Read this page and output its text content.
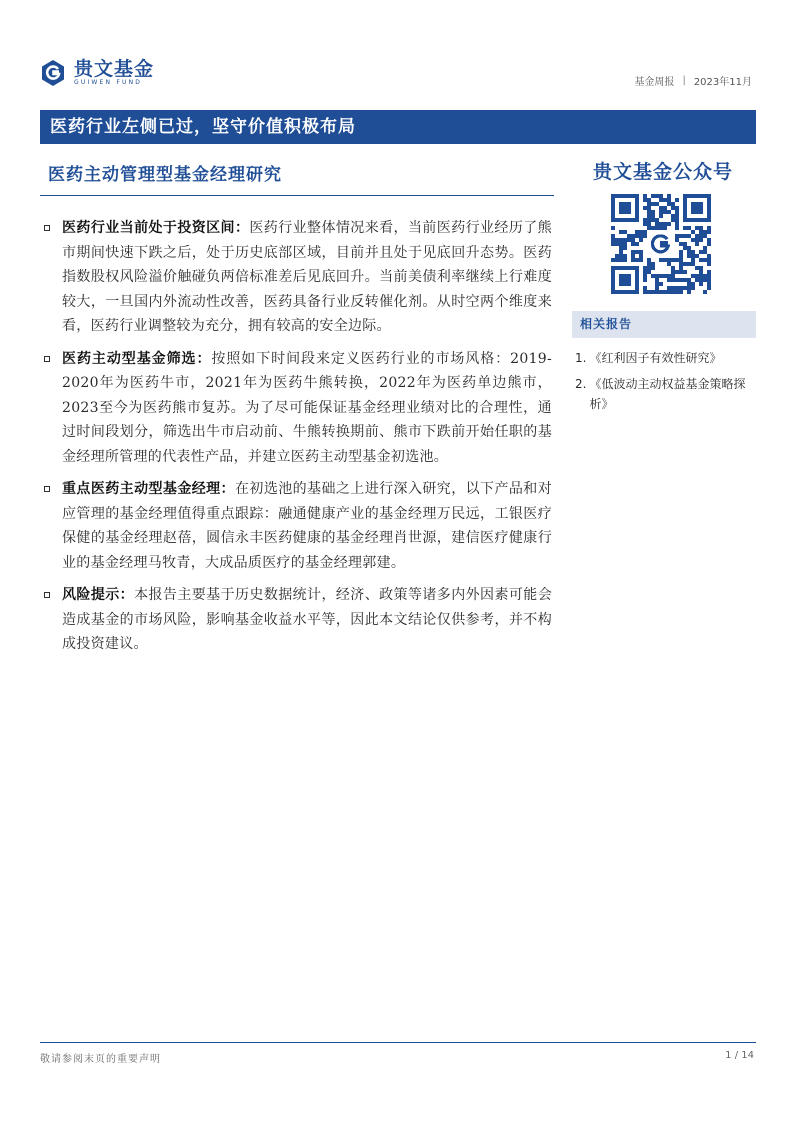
贵文基金
GUIWEN FUND	基金周报 | 2023年11月
医药行业左侧已过，坚守价值积极布局
医药主动管理型基金经理研究	贵文基金公众号
相关报告
1. 《红利因子有效性研究》
2. 《低波动主动权益基金策略探析》
医药行业当前处于投资区间：医药行业整体情况来看，当前医药行业经历了熊市期间快速下跌之后，处于历史底部区域，目前并且处于见底回升态势。医药指数股权风险溢价触碰负两倍标准差后见底回升。当前美债利率继续上行难度较大，一旦国内外流动性改善，医药具备行业反转催化剂。从时空两个维度来看，医药行业调整较为充分，拥有较高的安全边际。
医药主动型基金筛选：按照如下时间段来定义医药行业的市场风格：2019-2020年为医药牛市，2021年为医药牛熊转换，2022年为医药单边熊市，2023至今为医药熊市复苏。为了尽可能保证基金经理业绩对比的合理性，通过时间段划分，筛选出牛市启动前、牛熊转换期前、熊市下跌前开始任职的基金经理所管理的代表性产品，并建立医药主动型基金初选池。
重点医药主动型基金经理：在初选池的基础之上进行深入研究，以下产品和对应管理的基金经理值得重点跟踪：融通健康产业的基金经理万民远，工银医疗保健的基金经理赵蓓，圆信永丰医药健康的基金经理肖世源，建信医疗健康行业的基金经理马牧青，大成品质医疗的基金经理郭建。
风险提示：本报告主要基于历史数据统计，经济、政策等诸多内外因素可能会造成基金的市场风险，影响基金收益水平等，因此本文结论仅供参考，并不构成投资建议。
敬请参阅末页的重要声明	1 / 14
